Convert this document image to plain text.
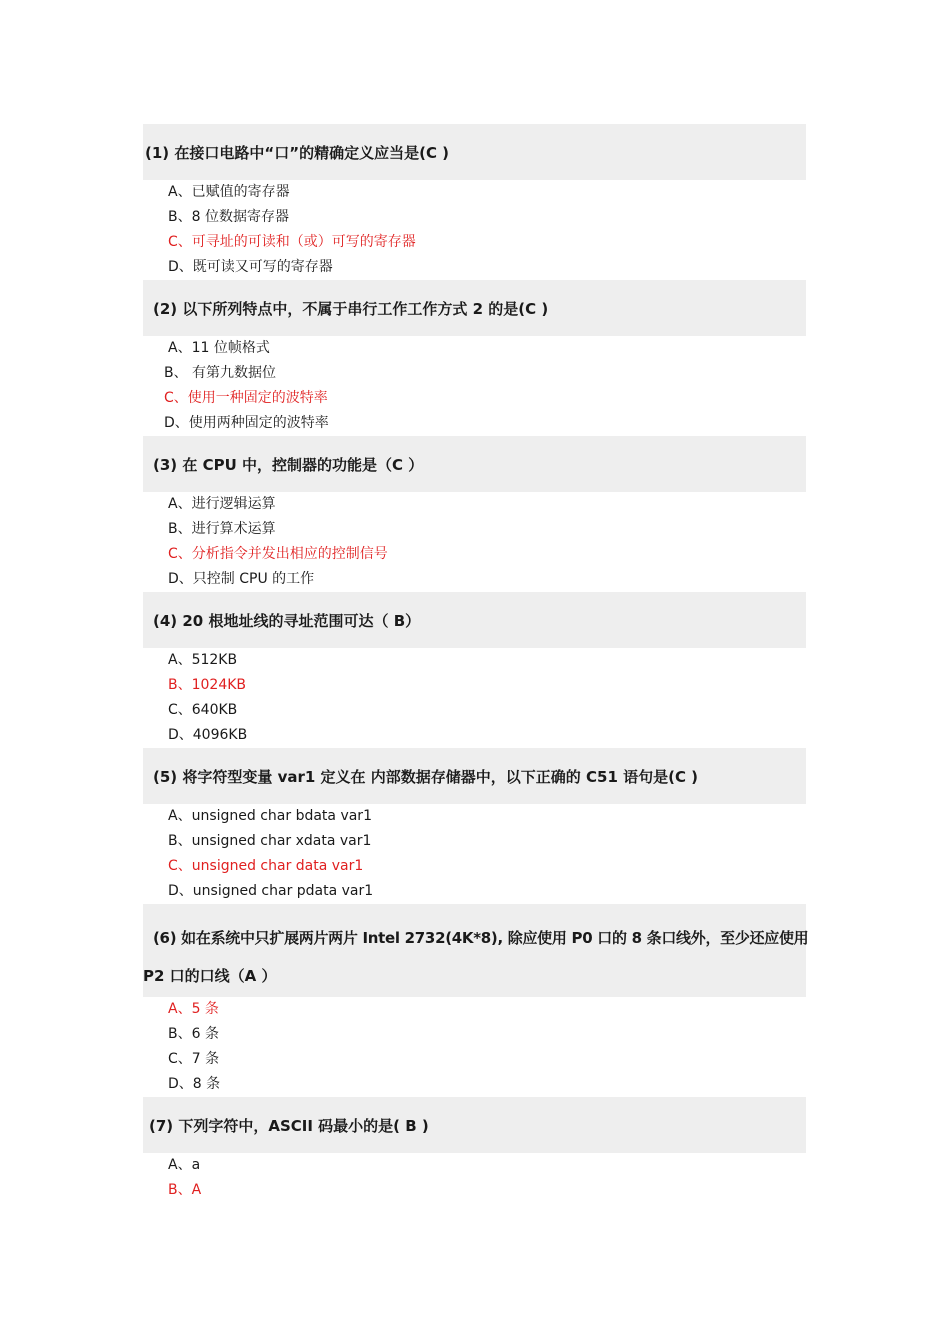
(1) 在接口电路中“口”的精确定义应当是(C )
A、已赋值的寄存器
B、8 位数据寄存器
C、可寻址的可读和（或）可写的寄存器
D、既可读又可写的寄存器
(2) 以下所列特点中，不属于串行工作工作方式 2 的是(C )
A、11 位帧格式
B、 有第九数据位
C、使用一种固定的波特率
D、使用两种固定的波特率
(3) 在 CPU 中，控制器的功能是（C ）
A、进行逻辑运算
B、进行算术运算
C、分析指令并发出相应的控制信号
D、只控制 CPU 的工作
(4) 20 根地址线的寻址范围可达（ B）
A、512KB
B、1024KB
C、640KB
D、4096KB
(5) 将字符型变量 var1 定义在 内部数据存储器中，以下正确的 C51 语句是(C )
A、unsigned char bdata var1
B、unsigned char xdata var1
C、unsigned char data var1
D、unsigned char pdata var1
(6) 如在系统中只扩展两片两片 Intel 2732(4K*8), 除应使用 P0 口的 8 条口线外，至少还应使用
P2 口的口线（A ）
A、5 条
B、6 条
C、7 条
D、8 条
(7) 下列字符中，ASCII 码最小的是( B )
A、a
B、A
